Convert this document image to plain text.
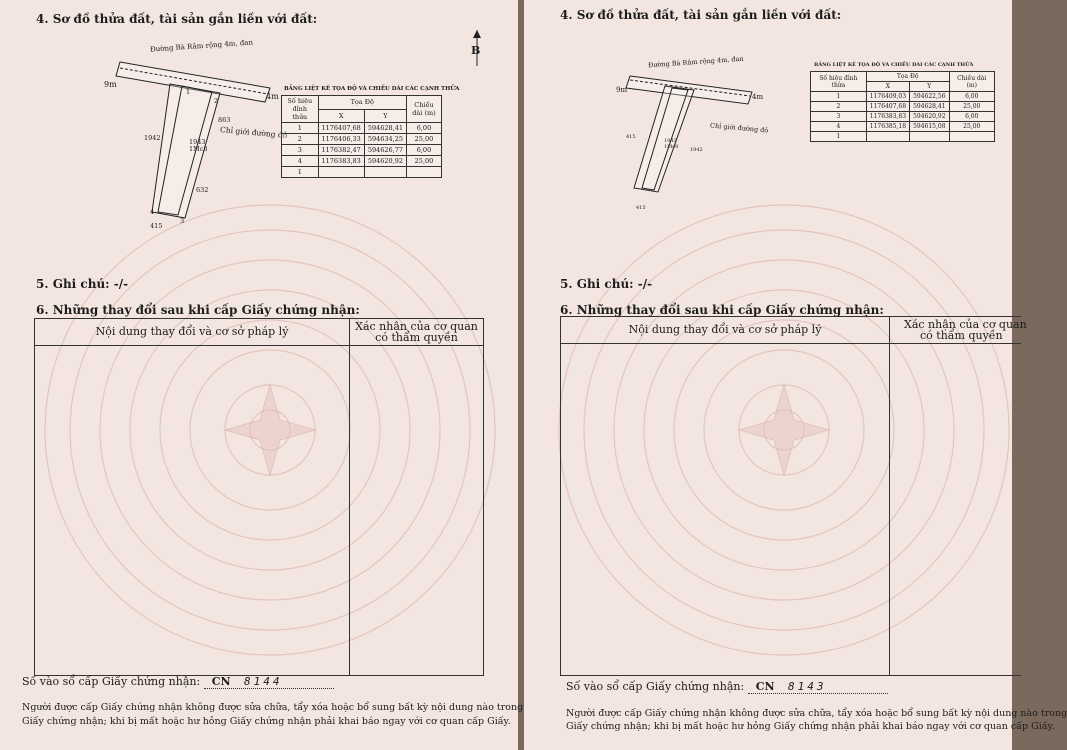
4. Sơ đồ thửa đất, tài sản gắn liền với đất:
B
Đường Bà Râm rộng 4m, đan
9m
4m
Chỉ giới đường đỏ
1
2
3
4
1942	1943
1Mc8
632
415
863
BẢNG LIỆT KÊ TỌA ĐỘ VÀ CHIỀU DÀI CÁC CẠNH THỬA
Số hiệu đỉnh thửa	Tọa Độ		Chiều dài (m)
	X	Y	
1	1176407,68	594628,41	6,00
2	1176406,33	594634,25	25,00
3	1176382,47	594626,77	6,00
4	1176383,83	594620,92	25,00
1			
5. Ghi chú: -/-
6. Những thay đổi sau khi cấp Giấy chứng nhận:
Nội dung thay đổi và cơ sở pháp lý	Xác nhận của cơ quan
có thẩm quyền
Số vào sổ cấp Giấy chứng nhận: CN 8144
Người được cấp Giấy chứng nhận không được sửa chữa, tẩy xóa hoặc bổ sung bất kỳ nội dung nào trong
Giấy chứng nhận; khi bị mất hoặc hư hỏng Giấy chứng nhận phải khai báo ngay với cơ quan cấp Giấy.
4. Sơ đồ thửa đất, tài sản gắn liền với đất:
Đường Bà Râm rộng 4m, đan
9m
4m
Chỉ giới đường đỏ
415
1943
1Mc8 1942
415
BẢNG LIỆT KÊ TỌA ĐỘ VÀ CHIỀU DÀI CÁC CẠNH THỬA
Số hiệu đỉnh thửa	Tọa Độ		Chiều dài (m)
	X	Y	
1	1176409,03	594622,56	6,00
2	1176407,68	594628,41	25,00
3	1176383,83	594620,92	6,00
4	1176385,18	594615,08	25,00
1			
5. Ghi chú: -/-
6. Những thay đổi sau khi cấp Giấy chứng nhận:
Nội dung thay đổi và cơ sở pháp lý	Xác nhận của cơ quan
có thẩm quyền
Số vào sổ cấp Giấy chứng nhận: CN 8143
Người được cấp Giấy chứng nhận không được sửa chữa, tẩy xóa hoặc bổ sung bất kỳ nội dung nào trong
Giấy chứng nhận; khi bị mất hoặc hư hỏng Giấy chứng nhận phải khai báo ngay với cơ quan cấp Giấy.
